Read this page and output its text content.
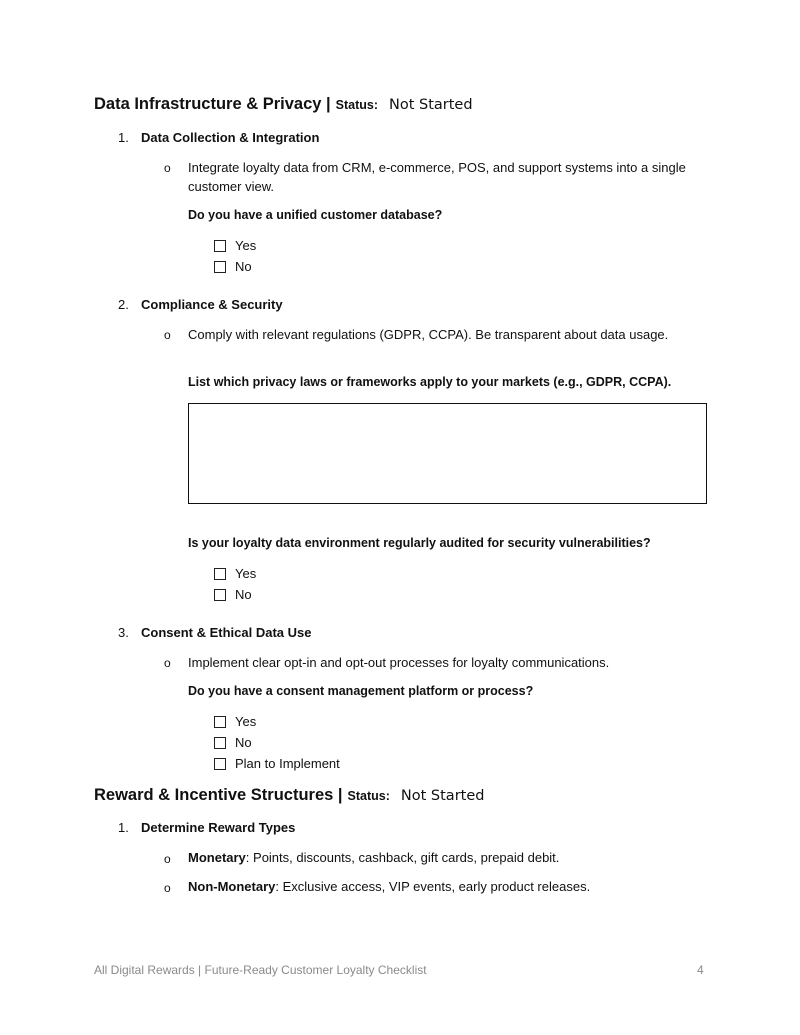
Data Infrastructure & Privacy | Status: Not Started
1. Data Collection & Integration
o Integrate loyalty data from CRM, e-commerce, POS, and support systems into a single customer view.
Do you have a unified customer database?
Yes
No
2. Compliance & Security
o Comply with relevant regulations (GDPR, CCPA). Be transparent about data usage.
List which privacy laws or frameworks apply to your markets (e.g., GDPR, CCPA).
Is your loyalty data environment regularly audited for security vulnerabilities?
Yes
No
3. Consent & Ethical Data Use
o Implement clear opt-in and opt-out processes for loyalty communications.
Do you have a consent management platform or process?
Yes
No
Plan to Implement
Reward & Incentive Structures | Status: Not Started
1. Determine Reward Types
o Monetary: Points, discounts, cashback, gift cards, prepaid debit.
o Non-Monetary: Exclusive access, VIP events, early product releases.
All Digital Rewards | Future-Ready Customer Loyalty Checklist	4
